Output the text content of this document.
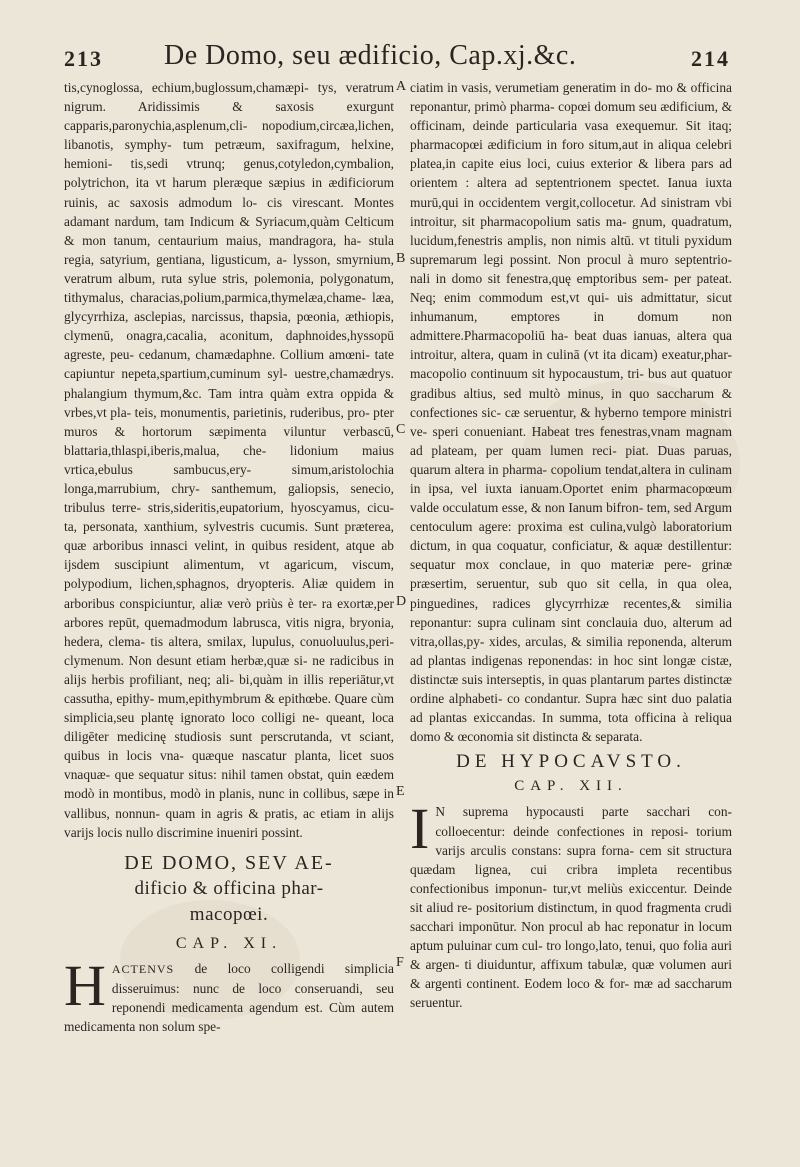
213 De Domo, seu ædificio, Cap.xj.&c.	214
A
B
C
D
E
F

tis,cynoglossa, echium,buglossum,chamæpi- tys, veratrum nigrum. Aridissimis & saxosis exurgunt capparis,paronychia,asplenum,cli- nopodium,circæa,lichen, libanotis, symphy- tum petræum, saxifragum, helxine, hemioni- tis,sedi vtrunq; genus,cotyledon,cymbalion, polytrichon, ita vt harum pleræque sæpius in ædificiorum ruinis, ac saxosis admodum lo- cis virescant. Montes adamant nardum, tam Indicum & Syriacum,quàm Celticum & mon tanum, centaurium maius, mandragora, ha- stula regia, satyrium, gentiana, ligusticum, a- lysson, smyrnium, veratrum album, ruta sylue stris, polemonia, polygonatum, tithymalus, characias,polium,parmica,thymelæa,chame- læa, glycyrrhiza, asclepias, narcissus, thapsia, pœonia, æthiopis, clymenū, onagra,cacalia, aconitum, daphnoides,hyssopū agreste, peu- cedanum, chamædaphne. Collium amœni- tate capiuntur nepeta,spartium,cuminum syl- uestre,chamædrys. phalangium thymum,&c. Tam intra quàm extra oppida & vrbes,vt pla- teis, monumentis, parietinis, ruderibus, pro- pter muros & hortorum sæpimenta viluntur verbascū, blattaria,thlaspi,iberis,malua, che- lidonium maius vrtica,ebulus sambucus,ery- simum,aristolochia longa,marrubium, chry- santhemum, galiopsis, senecio, tribulus terre- stris,sideritis,eupatorium, hyoscyamus, cicu- ta, personata, xanthium, sylvestris cucumis. Sunt præterea, quæ arboribus innasci velint, in quibus resident, atque ab ijsdem suscipiunt alimentum, vt agaricum, viscum, polypodium, lichen,sphagnos, dryopteris. Aliæ quidem in arboribus conspiciuntur, aliæ verò priùs è ter- ra exortæ,per arbores repūt, quemadmodum labrusca, vitis nigra, bryonia, hedera, clema- tis altera, smilax, lupulus, conuoluulus,peri- clymenum. Non desunt etiam herbæ,quæ si- ne radicibus in alijs herbis profiliant, neq; ali- bi,quàm in illis reperiātur,vt cassutha, epithy- mum,epithymbrum & epithœbe. Quare cùm simplicia,seu plantę ignorato loco colligi ne- queant, loca diligēter medicinę studiosis sunt perscrutanda, vt sciant, quibus in locis vna- quæque nascatur planta, licet suos vnaquæ- que sequatur situs: nihil tamen obstat, quin eædem modò in montibus, modò in planis, nunc in collibus, sæpe in vallibus, nonnun- quam in agris & pratis, ac etiam in alijs varijs locis nullo discrimine inueniri possint.

DE DOMO, SEV AE-
dificio & officina phar-
macopœi.
CAP. XI.

H ACTENVS de loco colligendi simplicia disseruimus: nunc de loco conseruandi, seu reponendi medicamenta agendum est. Cùm autem medicamenta non solum spe-

ciatim in vasis, verumetiam generatim in do- mo & officina reponantur, primò pharma- copœi domum seu ædificium, & officinam, deinde particularia vasa exequemur. Sit itaq; pharmacopœi ædificium in foro situm,aut in aliqua celebri platea,in capite eius loci, cuius exterior & libera pars ad orientem : altera ad septentrionem spectet. Ianua iuxta murū,qui in occidentem vergit,collocetur. Ad sinistram vbi introitur, sit pharmacopolium satis ma- gnum, quadratum, lucidum,fenestris amplis, non nimis altū. vt tituli pyxidum supremarum legi possint. Non procul à muro septentrio- nali in domo sit fenestra,quę emptoribus sem- per pateat. Neq; enim commodum est,vt qui- uis admittatur, sicut inhumanum, emptores in domum non admittere.Pharmacopoliū ha- beat duas ianuas, altera qua introitur, altera, quam in culinā (vt ita dicam) exeatur,phar- macopolio continuum sit hypocaustum, tri- bus aut quatuor gradibus altius, sed multò minus, in quo saccharum & confectiones sic- cæ seruentur, & hyberno tempore ministri ve- speri conueniant. Habeat tres fenestras,vnam magnam ad plateam, per quam lumen reci- piat. Duas paruas, quarum altera in pharma- copolium tendat,altera in culinam in ipsa, vel iuxta ianuam.Oportet enim pharmacopœum valde occulatum esse, & non Ianum bifron- tem, sed Argum centoculum agere: proxima est culina,vulgò laboratorium dictum, in qua coquatur, conficiatur, & aquæ destillentur: sequatur mox conclaue, in quo materiæ pere- grinæ præsertim, seruentur, sub quo sit cella, in qua olea, pinguedines, radices glycyrrhizæ recentes,& similia reponantur: supra culinam sint conclauia duo, alterum ad vitra,ollas,py- xides, arculas, & similia reponenda, alterum ad plantas indigenas reponendas: in hoc sint longæ cistæ, distinctæ suis interseptis, in quas plantarum partes distinctæ ordine alphabeti- co condantur. Supra hæc sint duo palatia ad plantas exiccandas. In summa, tota officina à reliqua domo & œconomia sit distincta & separata.

DE HYPOCAVSTO.
CAP. XII.

I N suprema hypocausti parte sacchari con- colloecentur: deinde confectiones in reposi- torium varijs arculis constans: supra forna- cem sit structura quædam lignea, cui cribra impleta recentibus confectionibus imponun- tur,vt meliùs exiccentur. Deinde sit aliud re- positorium distinctum, in quod fragmenta crudi sacchari imponūtur. Non procul ab hac reponatur in locum aptum puluinar cum cul- tro longo,lato, tenui, quo folia auri & argen- ti diuiduntur, affixum tabulæ, quæ volumen auri & argenti continent. Eodem loco & for- mæ ad saccharum seruentur.
